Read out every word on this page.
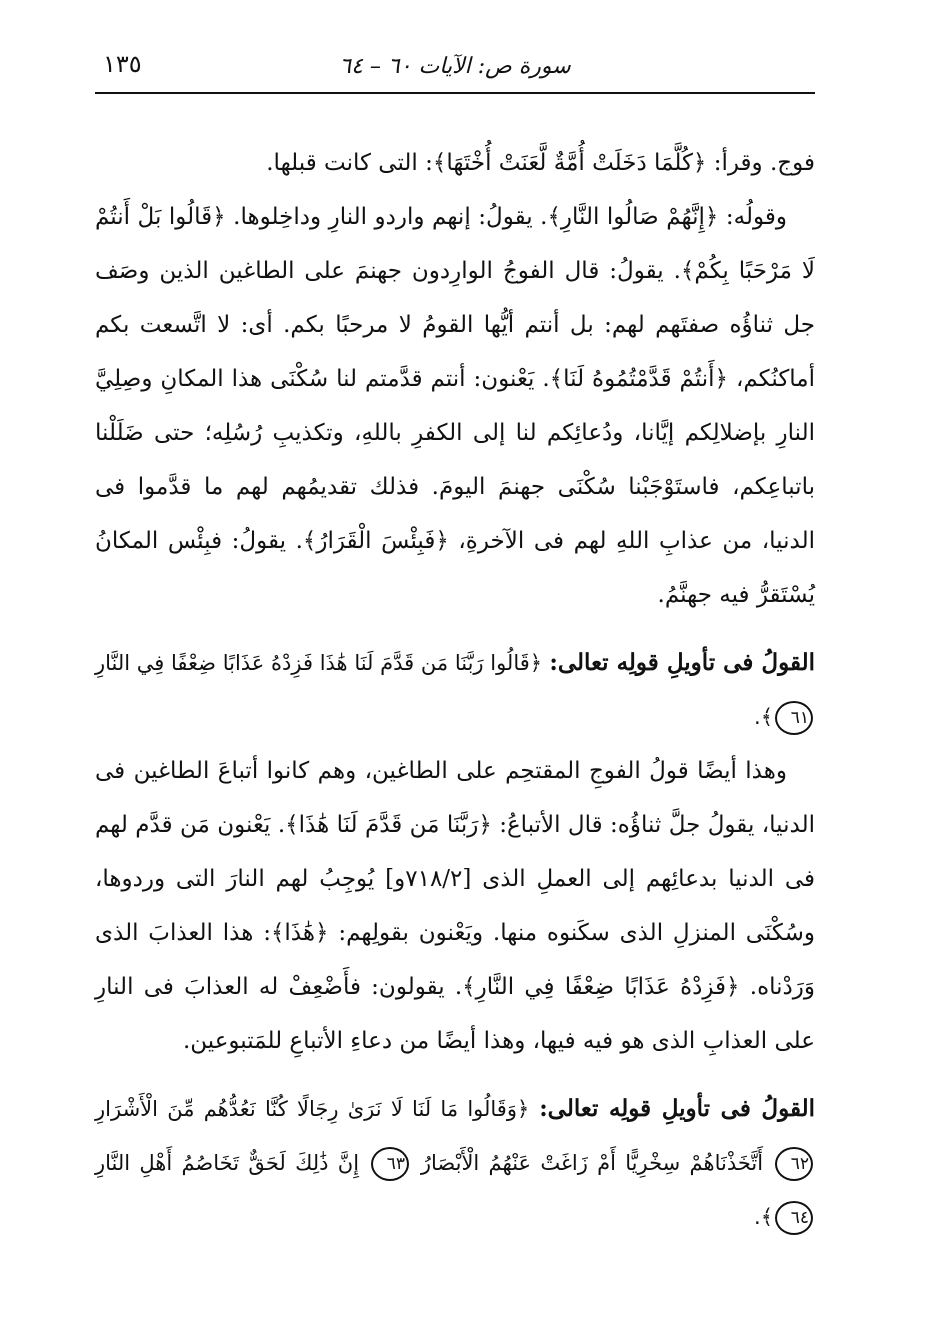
سورة ص: الآيات ٦٠ – ٦٤
١٣٥

فوج. وقرأ: ﴿كُلَّمَا دَخَلَتْ أُمَّةٌ لَّعَنَتْ أُخْتَهَا﴾: التى كانت قبلها.

وقولُه: ﴿إِنَّهُمْ صَالُوا النَّارِ﴾. يقولُ: إنهم واردو النارِ وداخِلوها. ﴿قَالُوا بَلْ أَنتُمْ لَا مَرْحَبًا بِكُمْ﴾. يقولُ: قال الفوجُ الوارِدون جهنمَ على الطاغين الذين وصَف جل ثناؤُه صفتَهم لهم: بل أنتم أيُّها القومُ لا مرحبًا بكم. أى: لا اتَّسعت بكم أماكنُكم، ﴿أَنتُمْ قَدَّمْتُمُوهُ لَنَا﴾. يَعْنون: أنتم قدَّمتم لنا سُكْنَى هذا المكانِ وصِلِيَّ النارِ بإضلالِكم إيَّانا، ودُعائِكم لنا إلى الكفرِ باللهِ، وتكذيبِ رُسُلِه؛ حتى ضَلَلْنا باتباعِكم، فاستَوْجَبْنا سُكْنَى جهنمَ اليومَ. فذلك تقديمُهم لهم ما قدَّموا فى الدنيا، من عذابِ اللهِ لهم فى الآخرةِ، ﴿فَبِئْسَ الْقَرَارُ﴾. يقولُ: فبِئْس المكانُ يُسْتَقرُّ فيه جهنَّمُ.

القولُ فى تأويلِ قولِه تعالى: ﴿قَالُوا رَبَّنَا مَن قَدَّمَ لَنَا هَٰذَا فَزِدْهُ عَذَابًا ضِعْفًا فِي النَّارِ ٦١﴾.

وهذا أيضًا قولُ الفوجِ المقتحِم على الطاغين، وهم كانوا أتباعَ الطاغين فى الدنيا، يقولُ جلَّ ثناؤُه: قال الأتباعُ: ﴿رَبَّنَا مَن قَدَّمَ لَنَا هَٰذَا﴾. يَعْنون مَن قدَّم لهم فى الدنيا بدعائِهم إلى العملِ الذى [٧١٨/٢و] يُوجِبُ لهم النارَ التى وردوها، وسُكْنَى المنزلِ الذى سكَنوه منها. ويَعْنون بقولِهم: ﴿هَٰذَا﴾: هذا العذابَ الذى وَرَدْناه. ﴿فَزِدْهُ عَذَابًا ضِعْفًا فِي النَّارِ﴾. يقولون: فأَضْعِفْ له العذابَ فى النارِ على العذابِ الذى هو فيه فيها، وهذا أيضًا من دعاءِ الأتباعِ للمَتبوعين.

القولُ فى تأويلِ قولِه تعالى: ﴿وَقَالُوا مَا لَنَا لَا نَرَىٰ رِجَالًا كُنَّا نَعُدُّهُم مِّنَ الْأَشْرَارِ ٦٢ أَتَّخَذْنَاهُمْ سِخْرِيًّا أَمْ زَاغَتْ عَنْهُمُ الْأَبْصَارُ ٦٣ إِنَّ ذَٰلِكَ لَحَقٌّ تَخَاصُمُ أَهْلِ النَّارِ ٦٤﴾.
